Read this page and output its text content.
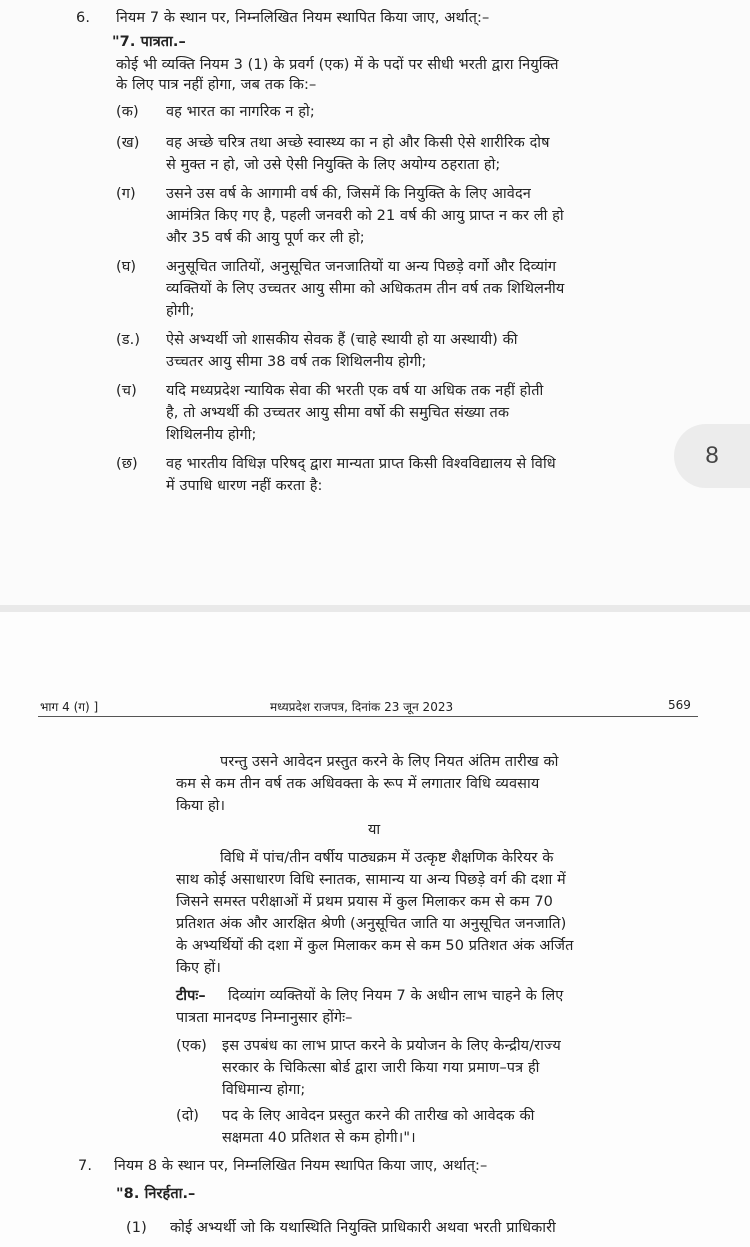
6. नियम 7 के स्थान पर, निम्नलिखित नियम स्थापित किया जाए, अर्थात्:–
"7. पात्रता.–
कोई भी व्यक्ति नियम 3 (1) के प्रवर्ग (एक) में के पदों पर सीधी भरती द्वारा नियुक्ति
के लिए पात्र नहीं होगा, जब तक कि:–
(क) वह भारत का नागरिक न हो;
(ख) वह अच्छे चरित्र तथा अच्छे स्वास्थ्य का न हो और किसी ऐसे शारीरिक दोष
से मुक्त न हो, जो उसे ऐसी नियुक्ति के लिए अयोग्य ठहराता हो;
(ग) उसने उस वर्ष के आगामी वर्ष की, जिसमें कि नियुक्ति के लिए आवेदन
आमंत्रित किए गए है, पहली जनवरी को 21 वर्ष की आयु प्राप्त न कर ली हो
और 35 वर्ष की आयु पूर्ण कर ली हो;
(घ) अनुसूचित जातियों, अनुसूचित जनजातियों या अन्य पिछड़े वर्गो और दिव्यांग
व्यक्तियों के लिए उच्चतर आयु सीमा को अधिकतम तीन वर्ष तक शिथिलनीय
होगी;
(ड.) ऐसे अभ्यर्थी जो शासकीय सेवक हैं (चाहे स्थायी हो या अस्थायी) की
उच्चतर आयु सीमा 38 वर्ष तक शिथिलनीय होगी;
(च) यदि मध्यप्रदेश न्यायिक सेवा की भरती एक वर्ष या अधिक तक नहीं होती
है, तो अभ्यर्थी की उच्चतर आयु सीमा वर्षो की समुचित संख्या तक
शिथिलनीय होगी;
(छ) वह भारतीय विधिज्ञ परिषद् द्वारा मान्यता प्राप्त किसी विश्वविद्यालय से विधि
में उपाधि धारण नहीं करता है:
8
भाग 4 (ग) ]	मध्यप्रदेश राजपत्र, दिनांक 23 जून 2023	569
परन्तु उसने आवेदन प्रस्तुत करने के लिए नियत अंतिम तारीख को
कम से कम तीन वर्ष तक अधिवक्ता के रूप में लगातार विधि व्यवसाय
किया हो।
या
विधि में पांच/तीन वर्षीय पाठ्यक्रम में उत्कृष्ट शैक्षणिक केरियर के
साथ कोई असाधारण विधि स्नातक, सामान्य या अन्य पिछड़े वर्ग की दशा में
जिसने समस्त परीक्षाओं में प्रथम प्रयास में कुल मिलाकर कम से कम 70
प्रतिशत अंक और आरक्षित श्रेणी (अनुसूचित जाति या अनुसूचित जनजाति)
के अभ्यर्थियों की दशा में कुल मिलाकर कम से कम 50 प्रतिशत अंक अर्जित
किए हों।
टीपः– दिव्यांग व्यक्तियों के लिए नियम 7 के अधीन लाभ चाहने के लिए
पात्रता मानदण्ड निम्नानुसार होंगेः–
(एक) इस उपबंध का लाभ प्राप्त करने के प्रयोजन के लिए केन्द्रीय/राज्य
सरकार के चिकित्सा बोर्ड द्वारा जारी किया गया प्रमाण–पत्र ही
विधिमान्य होगा;
(दो) पद के लिए आवेदन प्रस्तुत करने की तारीख को आवेदक की
सक्षमता 40 प्रतिशत से कम होगी।"।
7. नियम 8 के स्थान पर, निम्नलिखित नियम स्थापित किया जाए, अर्थात्:–
"8. निरर्हता.–
(1) कोई अभ्यर्थी जो कि यथास्थिति नियुक्ति प्राधिकारी अथवा भरती प्राधिकारी
